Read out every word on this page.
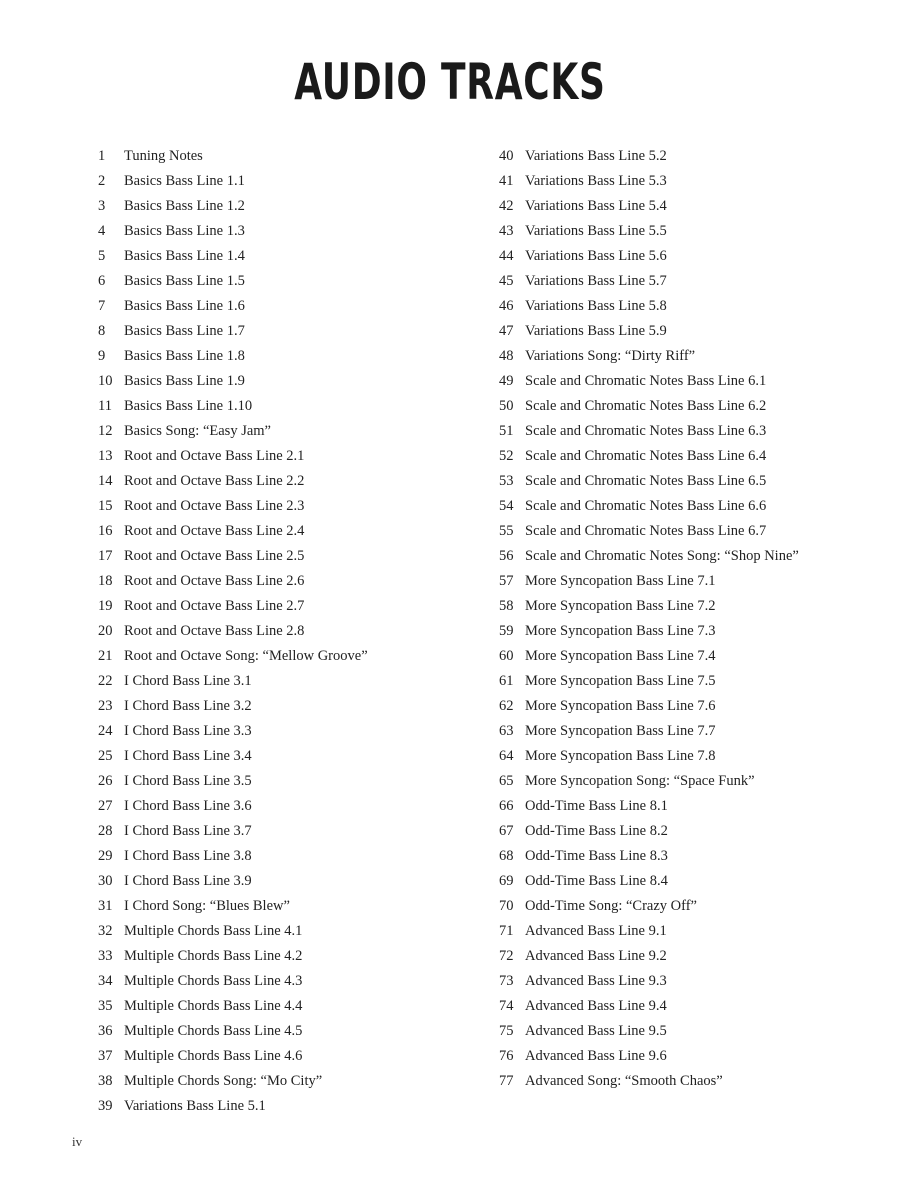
AUDIO TRACKS
1 Tuning Notes
2 Basics Bass Line 1.1
3 Basics Bass Line 1.2
4 Basics Bass Line 1.3
5 Basics Bass Line 1.4
6 Basics Bass Line 1.5
7 Basics Bass Line 1.6
8 Basics Bass Line 1.7
9 Basics Bass Line 1.8
10 Basics Bass Line 1.9
11 Basics Bass Line 1.10
12 Basics Song: “Easy Jam”
13 Root and Octave Bass Line 2.1
14 Root and Octave Bass Line 2.2
15 Root and Octave Bass Line 2.3
16 Root and Octave Bass Line 2.4
17 Root and Octave Bass Line 2.5
18 Root and Octave Bass Line 2.6
19 Root and Octave Bass Line 2.7
20 Root and Octave Bass Line 2.8
21 Root and Octave Song: “Mellow Groove”
22 I Chord Bass Line 3.1
23 I Chord Bass Line 3.2
24 I Chord Bass Line 3.3
25 I Chord Bass Line 3.4
26 I Chord Bass Line 3.5
27 I Chord Bass Line 3.6
28 I Chord Bass Line 3.7
29 I Chord Bass Line 3.8
30 I Chord Bass Line 3.9
31 I Chord Song: “Blues Blew”
32 Multiple Chords Bass Line 4.1
33 Multiple Chords Bass Line 4.2
34 Multiple Chords Bass Line 4.3
35 Multiple Chords Bass Line 4.4
36 Multiple Chords Bass Line 4.5
37 Multiple Chords Bass Line 4.6
38 Multiple Chords Song: “Mo City”
39 Variations Bass Line 5.1
40 Variations Bass Line 5.2
41 Variations Bass Line 5.3
42 Variations Bass Line 5.4
43 Variations Bass Line 5.5
44 Variations Bass Line 5.6
45 Variations Bass Line 5.7
46 Variations Bass Line 5.8
47 Variations Bass Line 5.9
48 Variations Song: “Dirty Riff”
49 Scale and Chromatic Notes Bass Line 6.1
50 Scale and Chromatic Notes Bass Line 6.2
51 Scale and Chromatic Notes Bass Line 6.3
52 Scale and Chromatic Notes Bass Line 6.4
53 Scale and Chromatic Notes Bass Line 6.5
54 Scale and Chromatic Notes Bass Line 6.6
55 Scale and Chromatic Notes Bass Line 6.7
56 Scale and Chromatic Notes Song: “Shop Nine”
57 More Syncopation Bass Line 7.1
58 More Syncopation Bass Line 7.2
59 More Syncopation Bass Line 7.3
60 More Syncopation Bass Line 7.4
61 More Syncopation Bass Line 7.5
62 More Syncopation Bass Line 7.6
63 More Syncopation Bass Line 7.7
64 More Syncopation Bass Line 7.8
65 More Syncopation Song: “Space Funk”
66 Odd-Time Bass Line 8.1
67 Odd-Time Bass Line 8.2
68 Odd-Time Bass Line 8.3
69 Odd-Time Bass Line 8.4
70 Odd-Time Song: “Crazy Off”
71 Advanced Bass Line 9.1
72 Advanced Bass Line 9.2
73 Advanced Bass Line 9.3
74 Advanced Bass Line 9.4
75 Advanced Bass Line 9.5
76 Advanced Bass Line 9.6
77 Advanced Song: “Smooth Chaos”
iv
